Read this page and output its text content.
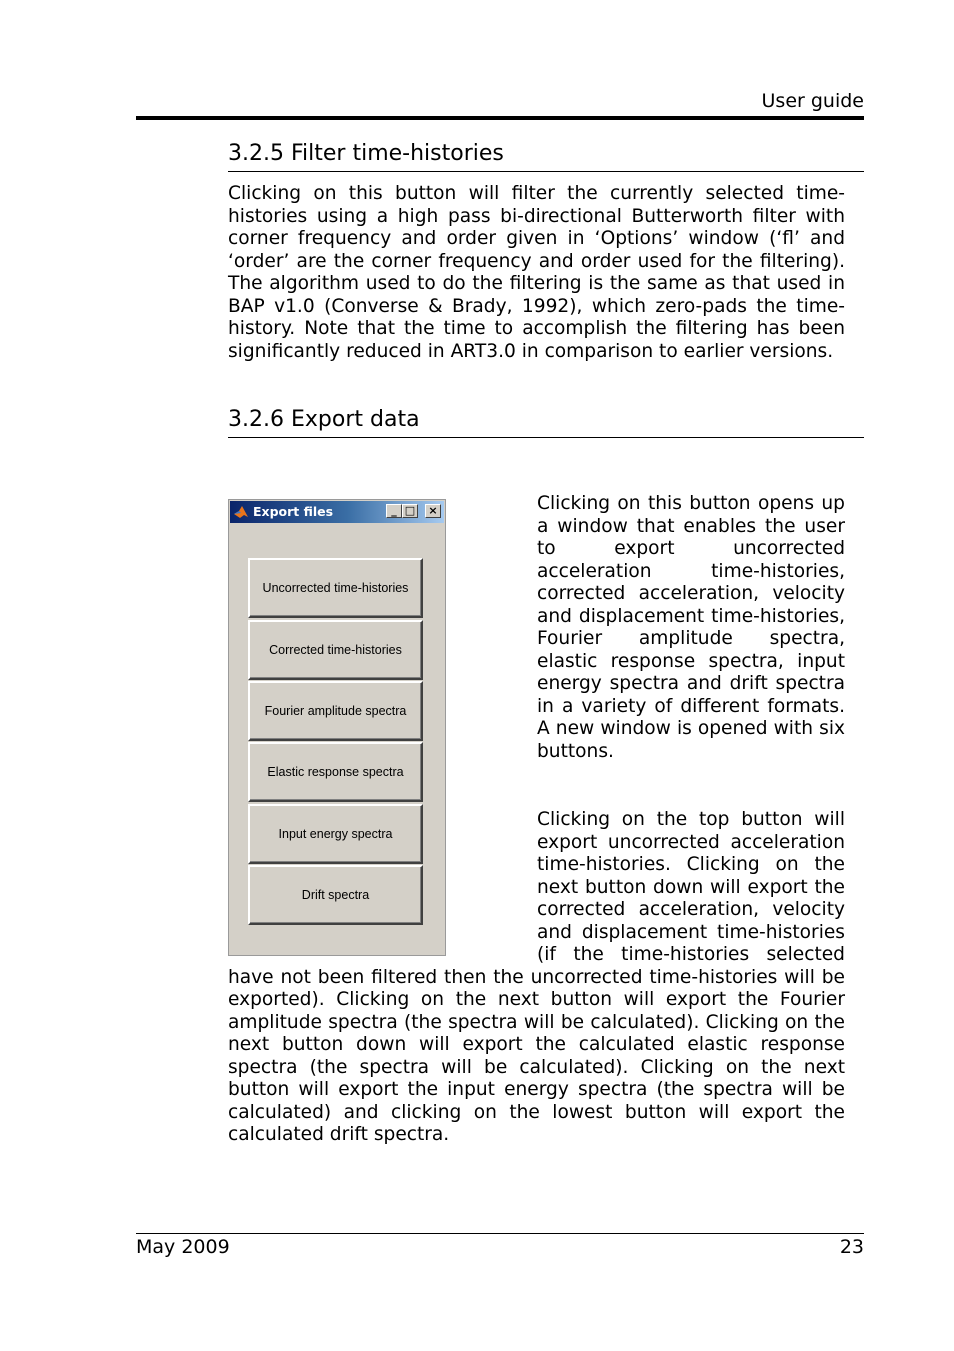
User guide
3.2.5 Filter time-histories

Clicking on this button will filter the currently selected time-histories using a high pass bi-directional Butterworth filter with corner frequency and order given in ‘Options’ window (‘fl’ and ‘order’ are the corner frequency and order used for the filtering). The algorithm used to do the filtering is the same as that used in BAP v1.0 (Converse & Brady, 1992), which zero-pads the time-history. Note that the time to accomplish the filtering has been significantly reduced in ART3.0 in comparison to earlier versions.

3.2.6 Export data
Export files	_ □	×
Uncorrected time-histories
Corrected time-histories
Fourier amplitude spectra
Elastic response spectra
Input energy spectra
Drift spectra

Clicking on this button opens up a window that enables the user to export uncorrected acceleration time-histories, corrected acceleration, velocity and displacement time-histories, Fourier amplitude spectra, elastic response spectra, input energy spectra and drift spectra in a variety of different formats. A new window is opened with six buttons.

Clicking on the top button will export uncorrected acceleration time-histories. Clicking on the next button down will export the corrected acceleration, velocity and displacement time-histories (if the time-histories selected have not been filtered then the uncorrected time-histories will be exported). Clicking on the next button will export the Fourier amplitude spectra (the spectra will be calculated). Clicking on the next button down will export the calculated elastic response spectra (the spectra will be calculated). Clicking on the next button will export the input energy spectra (the spectra will be calculated) and clicking on the lowest button will export the calculated drift spectra.
May 2009	23
